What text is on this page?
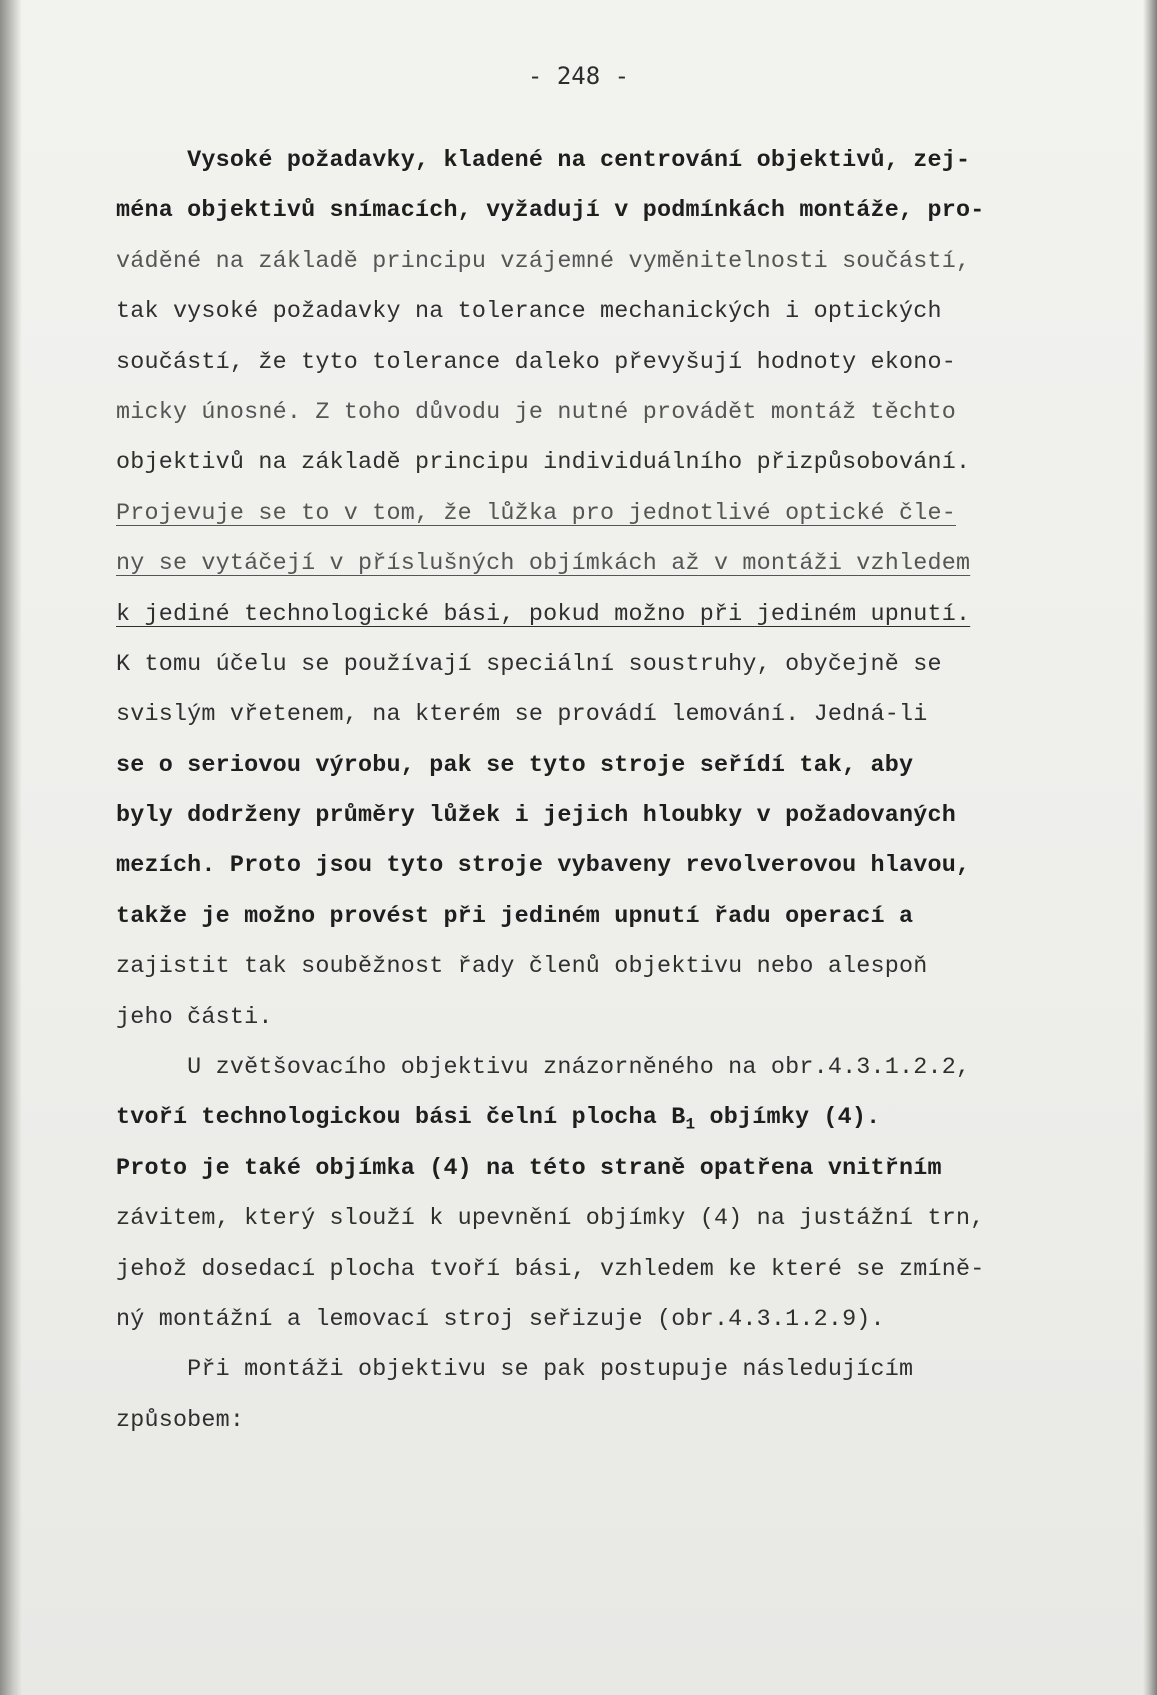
- 248 -
Vysoké požadavky, kladené na centrování objektivů, zej-
ména objektivů snímacích, vyžadují v podmínkách montáže, pro-
váděné na základě principu vzájemné vyměnitelnosti součástí,
tak vysoké požadavky na tolerance mechanických i optických
součástí, že tyto tolerance daleko převyšují hodnoty ekono-
micky únosné. Z toho důvodu je nutné provádět montáž těchto
objektivů na základě principu individuálního přizpůsobování.
Projevuje se to v tom, že lůžka pro jednotlivé optické čle-
ny se vytáčejí v příslušných objímkách až v montáži vzhledem
k jediné technologické bási, pokud možno při jediném upnutí.
K tomu účelu se používají speciální soustruhy, obyčejně se
svislým vřetenem, na kterém se provádí lemování. Jedná-li
se o seriovou výrobu, pak se tyto stroje seřídí tak, aby
byly dodrženy průměry lůžek i jejich hloubky v požadovaných
mezích. Proto jsou tyto stroje vybaveny revolverovou hlavou,
takže je možno provést při jediném upnutí řadu operací a
zajistit tak souběžnost řady členů objektivu nebo alespoň
jeho části.
U zvětšovacího objektivu znázorněného na obr.4.3.1.2.2,
tvoří technologickou bási čelní plocha $B_1$ objímky (4).
Proto je také objímka (4) na této straně opatřena vnitřním
závitem, který slouží k upevnění objímky (4) na justážní trn,
jehož dosedací plocha tvoří bási, vzhledem ke které se zmíně-
ný montážní a lemovací stroj seřizuje (obr.4.3.1.2.9).
Při montáži objektivu se pak postupuje následujícím
způsobem:
